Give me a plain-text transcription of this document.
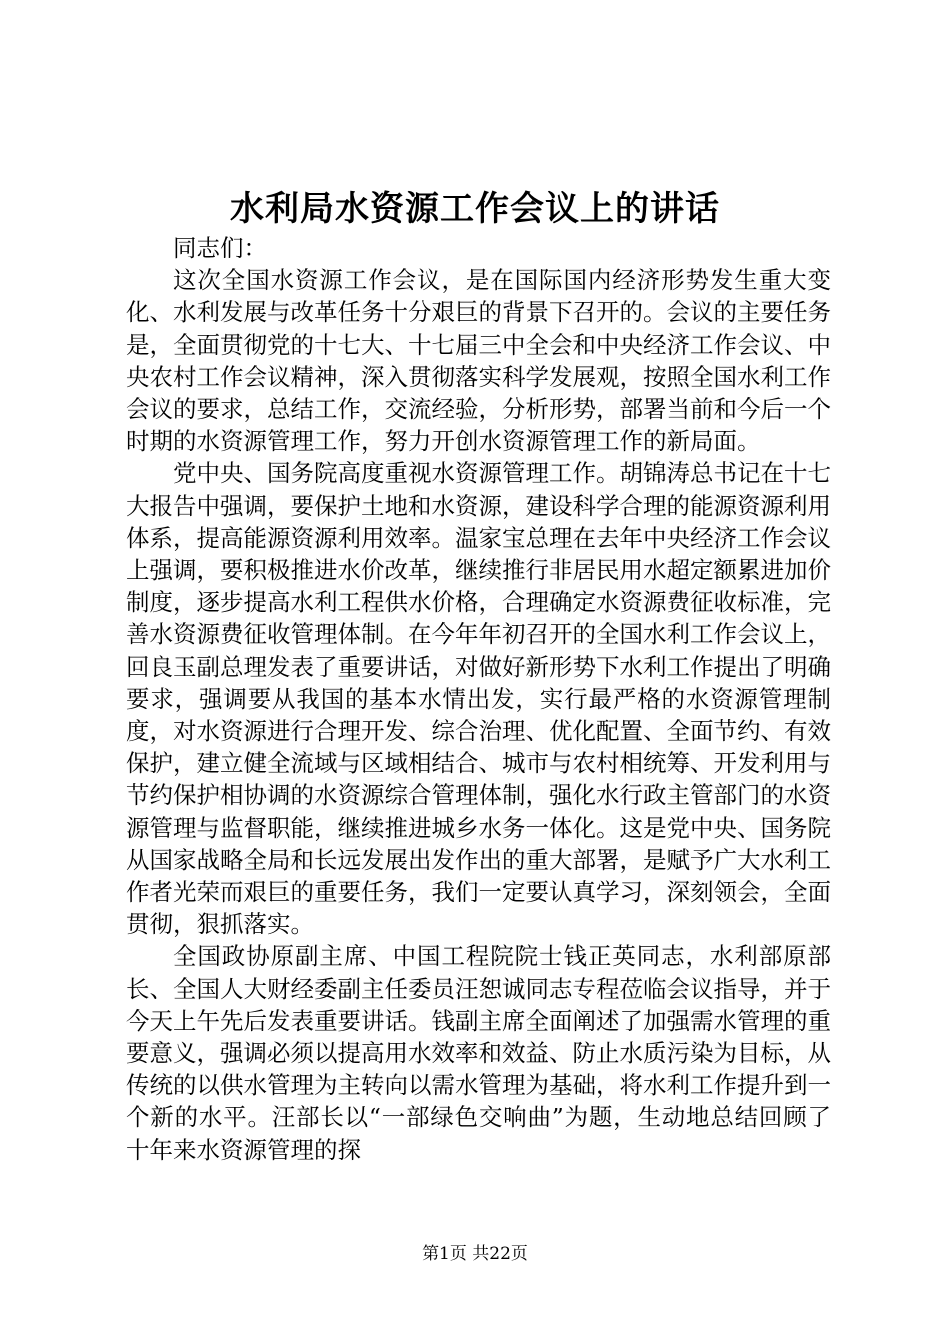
水利局水资源工作会议上的讲话

同志们：

这次全国水资源工作会议，是在国际国内经济形势发生重大变化、水利发展与改革任务十分艰巨的背景下召开的。会议的主要任务是，全面贯彻党的十七大、十七届三中全会和中央经济工作会议、中央农村工作会议精神，深入贯彻落实科学发展观，按照全国水利工作会议的要求，总结工作，交流经验，分析形势，部署当前和今后一个时期的水资源管理工作，努力开创水资源管理工作的新局面。

党中央、国务院高度重视水资源管理工作。胡锦涛总书记在十七大报告中强调，要保护土地和水资源，建设科学合理的能源资源利用体系，提高能源资源利用效率。温家宝总理在去年中央经济工作会议上强调，要积极推进水价改革，继续推行非居民用水超定额累进加价制度，逐步提高水利工程供水价格，合理确定水资源费征收标准，完善水资源费征收管理体制。在今年年初召开的全国水利工作会议上，回良玉副总理发表了重要讲话，对做好新形势下水利工作提出了明确要求，强调要从我国的基本水情出发，实行最严格的水资源管理制度，对水资源进行合理开发、综合治理、优化配置、全面节约、有效保护，建立健全流域与区域相结合、城市与农村相统筹、开发利用与节约保护相协调的水资源综合管理体制，强化水行政主管部门的水资源管理与监督职能，继续推进城乡水务一体化。这是党中央、国务院从国家战略全局和长远发展出发作出的重大部署，是赋予广大水利工作者光荣而艰巨的重要任务，我们一定要认真学习，深刻领会，全面贯彻，狠抓落实。

全国政协原副主席、中国工程院院士钱正英同志，水利部原部长、全国人大财经委副主任委员汪恕诚同志专程莅临会议指导，并于今天上午先后发表重要讲话。钱副主席全面阐述了加强需水管理的重要意义，强调必须以提高用水效率和效益、防止水质污染为目标，从传统的以供水管理为主转向以需水管理为基础，将水利工作提升到一个新的水平。汪部长以“一部绿色交响曲”为题，生动地总结回顾了十年来水资源管理的探

第1页 共22页
